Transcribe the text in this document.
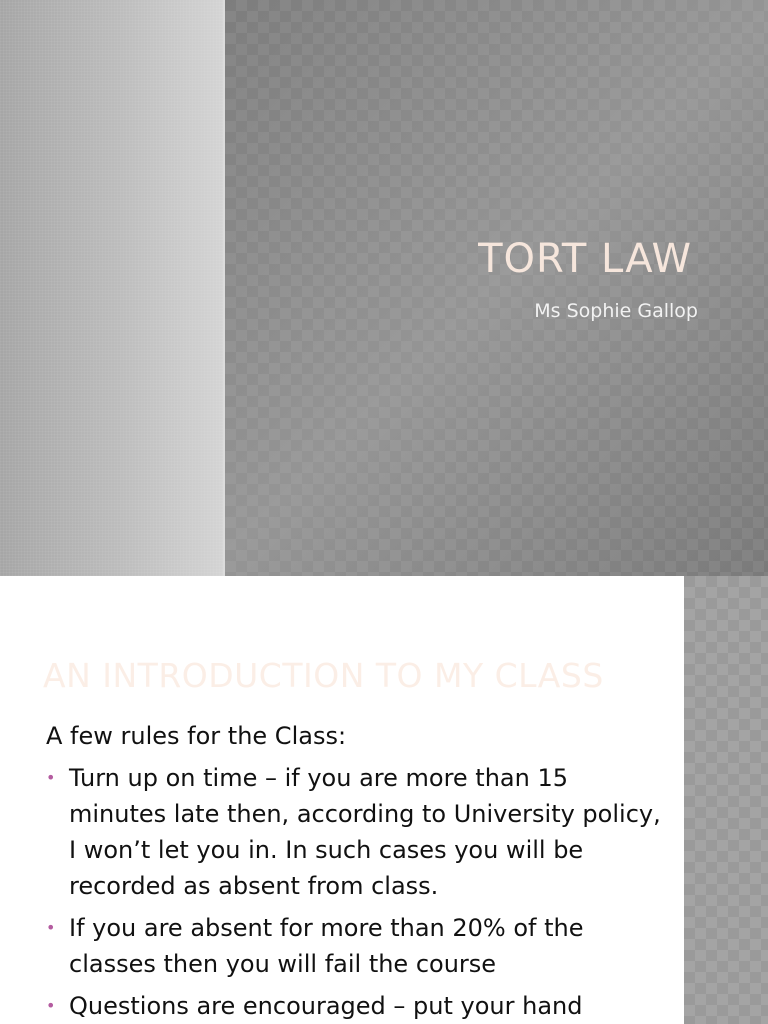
TORT LAW
Ms Sophie Gallop
AN INTRODUCTION TO MY CLASS

A few rules for the Class:

• Turn up on time – if you are more than 15 minutes late then, according to University policy, I won’t let you in. In such cases you will be recorded as absent from class.
• If you are absent for more than 20% of the classes then you will fail the course
• Questions are encouraged – put your hand
